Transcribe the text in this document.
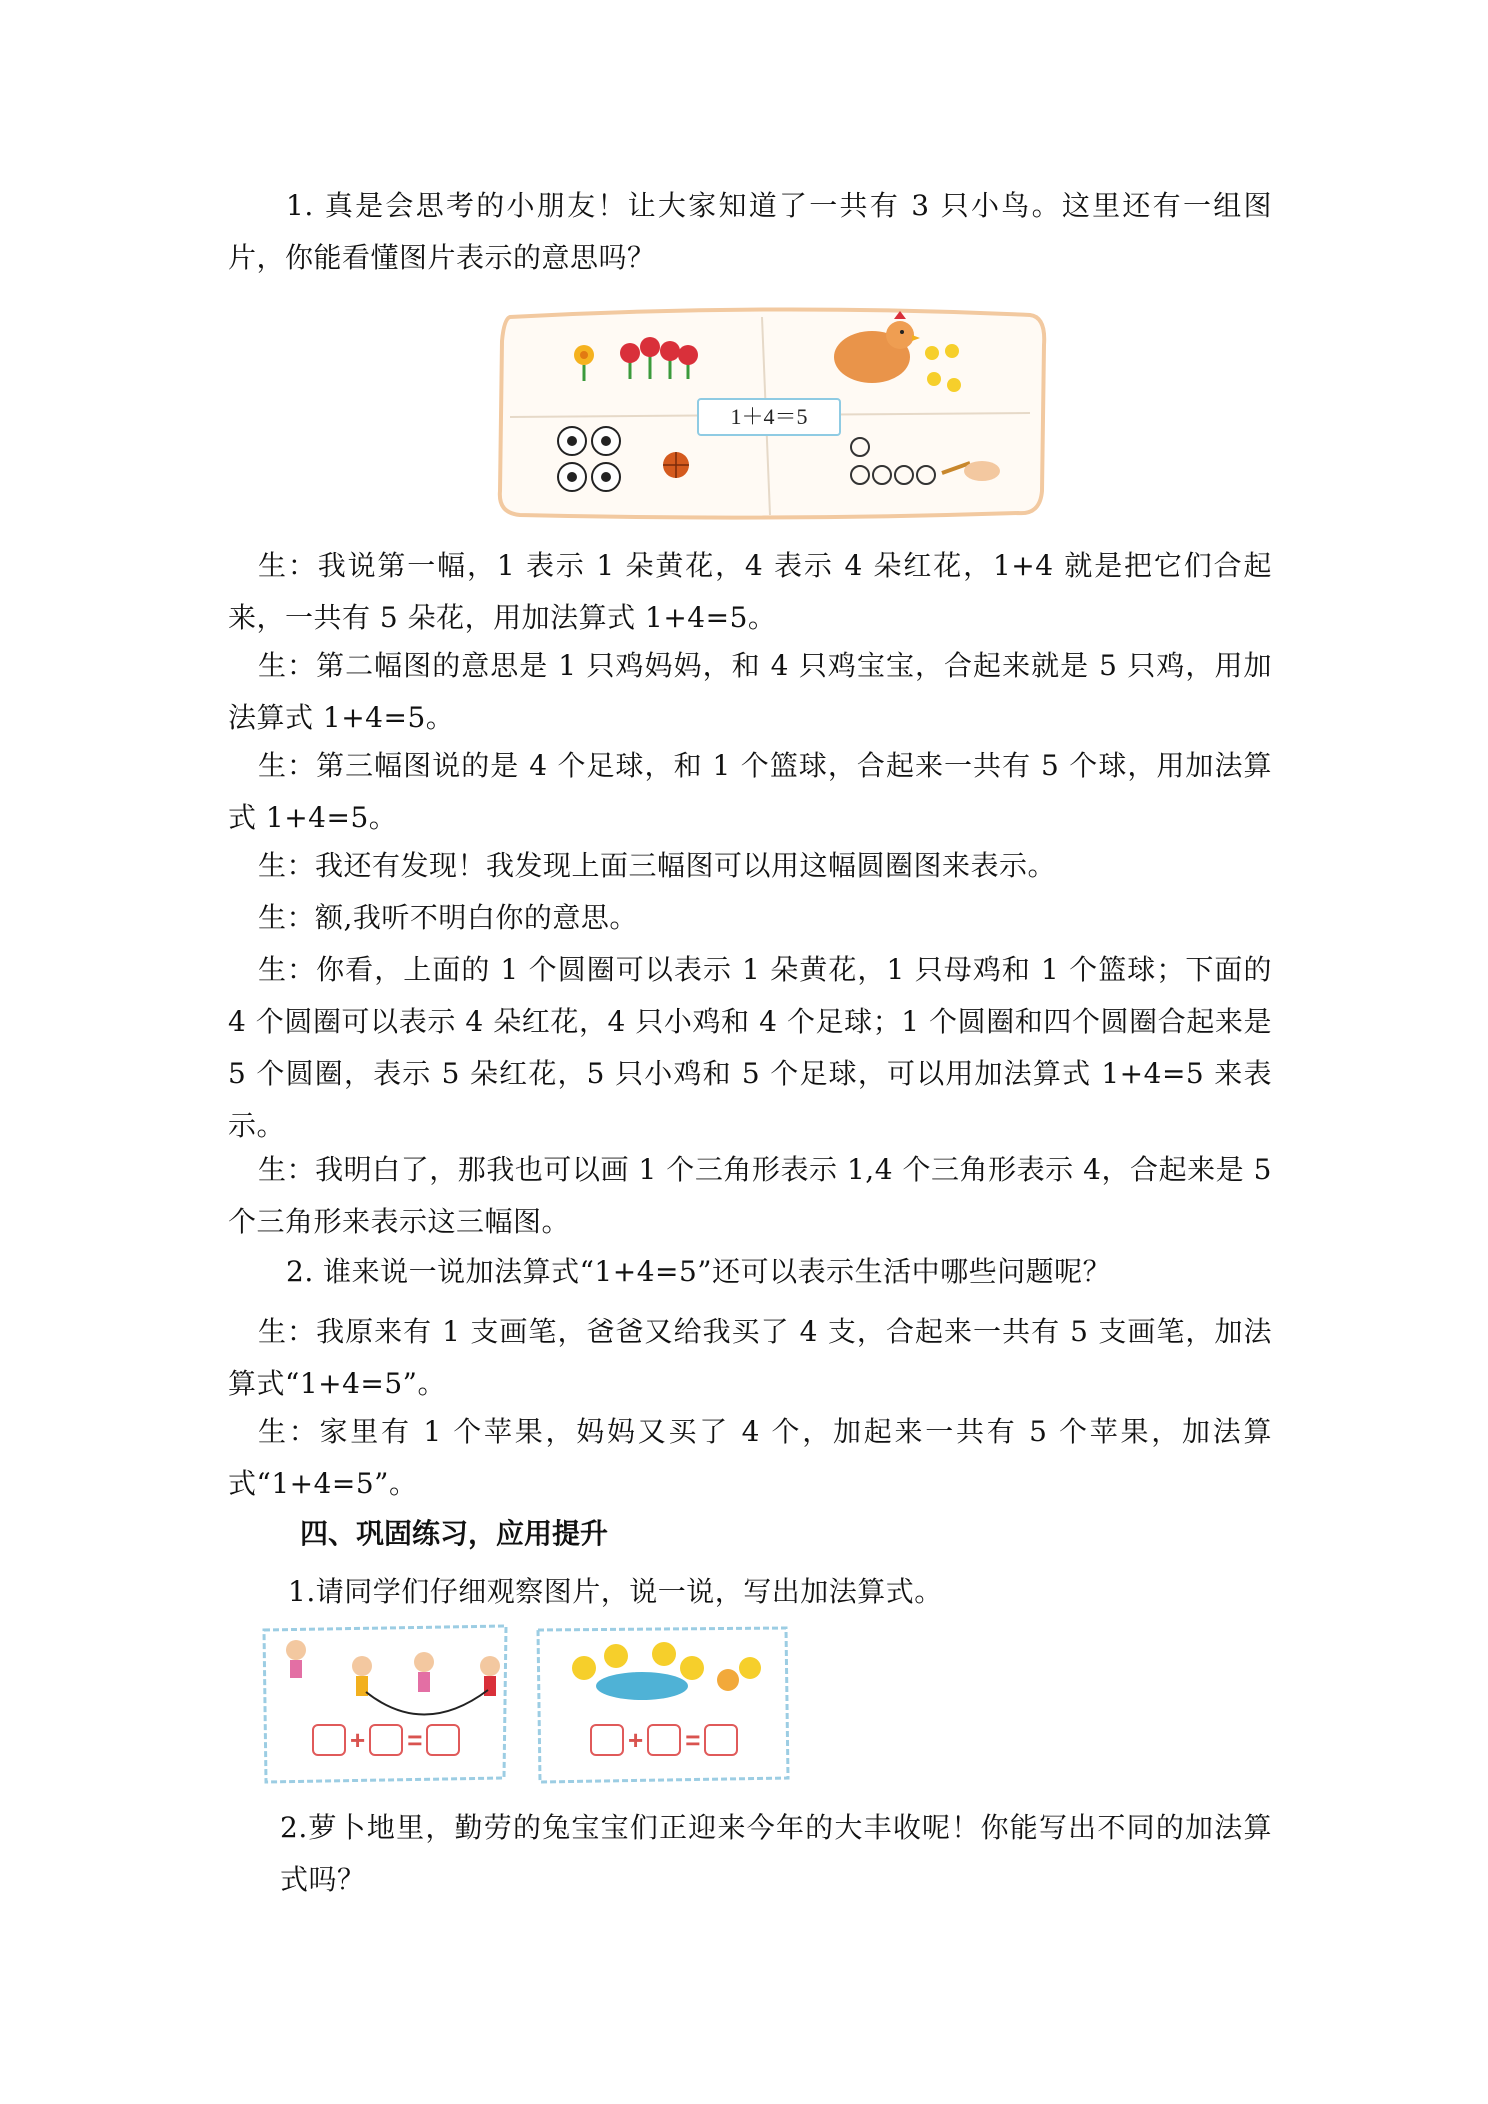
1. 真是会思考的小朋友！让大家知道了一共有 3 只小鸟。这里还有一组图片，你能看懂图片表示的意思吗？

1＋4＝5

生：我说第一幅，1 表示 1 朵黄花，4 表示 4 朵红花，1+4 就是把它们合起来，一共有 5 朵花，用加法算式 1+4=5。

生：第二幅图的意思是 1 只鸡妈妈，和 4 只鸡宝宝，合起来就是 5 只鸡，用加法算式 1+4=5。

生：第三幅图说的是 4 个足球，和 1 个篮球，合起来一共有 5 个球，用加法算式 1+4=5。

生：我还有发现！我发现上面三幅图可以用这幅圆圈图来表示。

生：额,我听不明白你的意思。

生：你看，上面的 1 个圆圈可以表示 1 朵黄花，1 只母鸡和 1 个篮球；下面的 4 个圆圈可以表示 4 朵红花，4 只小鸡和 4 个足球；1 个圆圈和四个圆圈合起来是 5 个圆圈，表示 5 朵红花，5 只小鸡和 5 个足球，可以用加法算式 1+4=5 来表示。

生：我明白了，那我也可以画 1 个三角形表示 1,4 个三角形表示 4，合起来是 5 个三角形来表示这三幅图。

2. 谁来说一说加法算式“1+4=5”还可以表示生活中哪些问题呢？

生：我原来有 1 支画笔，爸爸又给我买了 4 支，合起来一共有 5 支画笔，加法算式“1+4=5”。

生：家里有 1 个苹果，妈妈又买了 4 个，加起来一共有 5 个苹果，加法算式“1+4=5”。

四、巩固练习，应用提升

1.请同学们仔细观察图片，说一说，写出加法算式。

+ =	+ =

2.萝卜地里，勤劳的兔宝宝们正迎来今年的大丰收呢！你能写出不同的加法算式吗？
